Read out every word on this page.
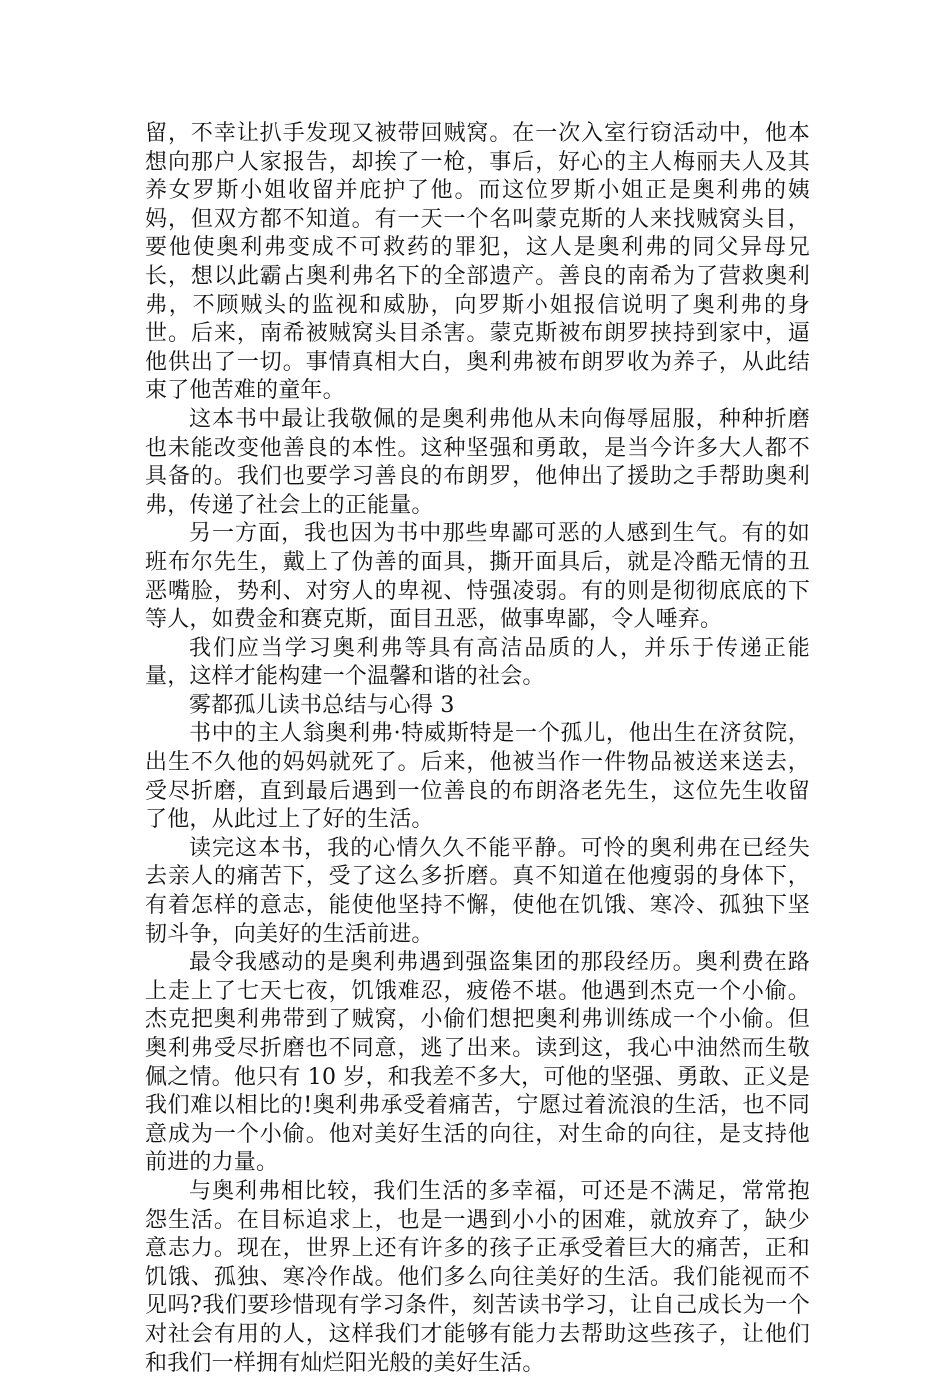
留，不幸让扒手发现又被带回贼窝。在一次入室行窃活动中，他本想向那户人家报告，却挨了一枪，事后，好心的主人梅丽夫人及其养女罗斯小姐收留并庇护了他。而这位罗斯小姐正是奥利弗的姨妈，但双方都不知道。有一天一个名叫蒙克斯的人来找贼窝头目，要他使奥利弗变成不可救药的罪犯，这人是奥利弗的同父异母兄长，想以此霸占奥利弗名下的全部遗产。善良的南希为了营救奥利弗，不顾贼头的监视和威胁，向罗斯小姐报信说明了奥利弗的身世。后来，南希被贼窝头目杀害。蒙克斯被布朗罗挟持到家中，逼他供出了一切。事情真相大白，奥利弗被布朗罗收为养子，从此结束了他苦难的童年。

这本书中最让我敬佩的是奥利弗他从未向侮辱屈服，种种折磨也未能改变他善良的本性。这种坚强和勇敢，是当今许多大人都不具备的。我们也要学习善良的布朗罗，他伸出了援助之手帮助奥利弗，传递了社会上的正能量。

另一方面，我也因为书中那些卑鄙可恶的人感到生气。有的如班布尔先生，戴上了伪善的面具，撕开面具后，就是冷酷无情的丑恶嘴脸，势利、对穷人的卑视、恃强凌弱。有的则是彻彻底底的下等人，如费金和赛克斯，面目丑恶，做事卑鄙，令人唾弃。

我们应当学习奥利弗等具有高洁品质的人，并乐于传递正能量，这样才能构建一个温馨和谐的社会。

雾都孤儿读书总结与心得 3

书中的主人翁奥利弗·特威斯特是一个孤儿，他出生在济贫院，出生不久他的妈妈就死了。后来，他被当作一件物品被送来送去，受尽折磨，直到最后遇到一位善良的布朗洛老先生，这位先生收留了他，从此过上了好的生活。

读完这本书，我的心情久久不能平静。可怜的奥利弗在已经失去亲人的痛苦下，受了这么多折磨。真不知道在他瘦弱的身体下，有着怎样的意志，能使他坚持不懈，使他在饥饿、寒冷、孤独下坚韧斗争，向美好的生活前进。

最令我感动的是奥利弗遇到强盗集团的那段经历。奥利费在路上走上了七天七夜，饥饿难忍，疲倦不堪。他遇到杰克一个小偷。杰克把奥利弗带到了贼窝，小偷们想把奥利弗训练成一个小偷。但奥利弗受尽折磨也不同意，逃了出来。读到这，我心中油然而生敬佩之情。他只有 10 岁，和我差不多大，可他的坚强、勇敢、正义是我们难以相比的!奥利弗承受着痛苦，宁愿过着流浪的生活，也不同意成为一个小偷。他对美好生活的向往，对生命的向往，是支持他前进的力量。

与奥利弗相比较，我们生活的多幸福，可还是不满足，常常抱怨生活。在目标追求上，也是一遇到小小的困难，就放弃了，缺少意志力。现在，世界上还有许多的孩子正承受着巨大的痛苦，正和饥饿、孤独、寒冷作战。他们多么向往美好的生活。我们能视而不见吗?我们要珍惜现有学习条件，刻苦读书学习，让自己成长为一个对社会有用的人，这样我们才能够有能力去帮助这些孩子，让他们和我们一样拥有灿烂阳光般的美好生活。
